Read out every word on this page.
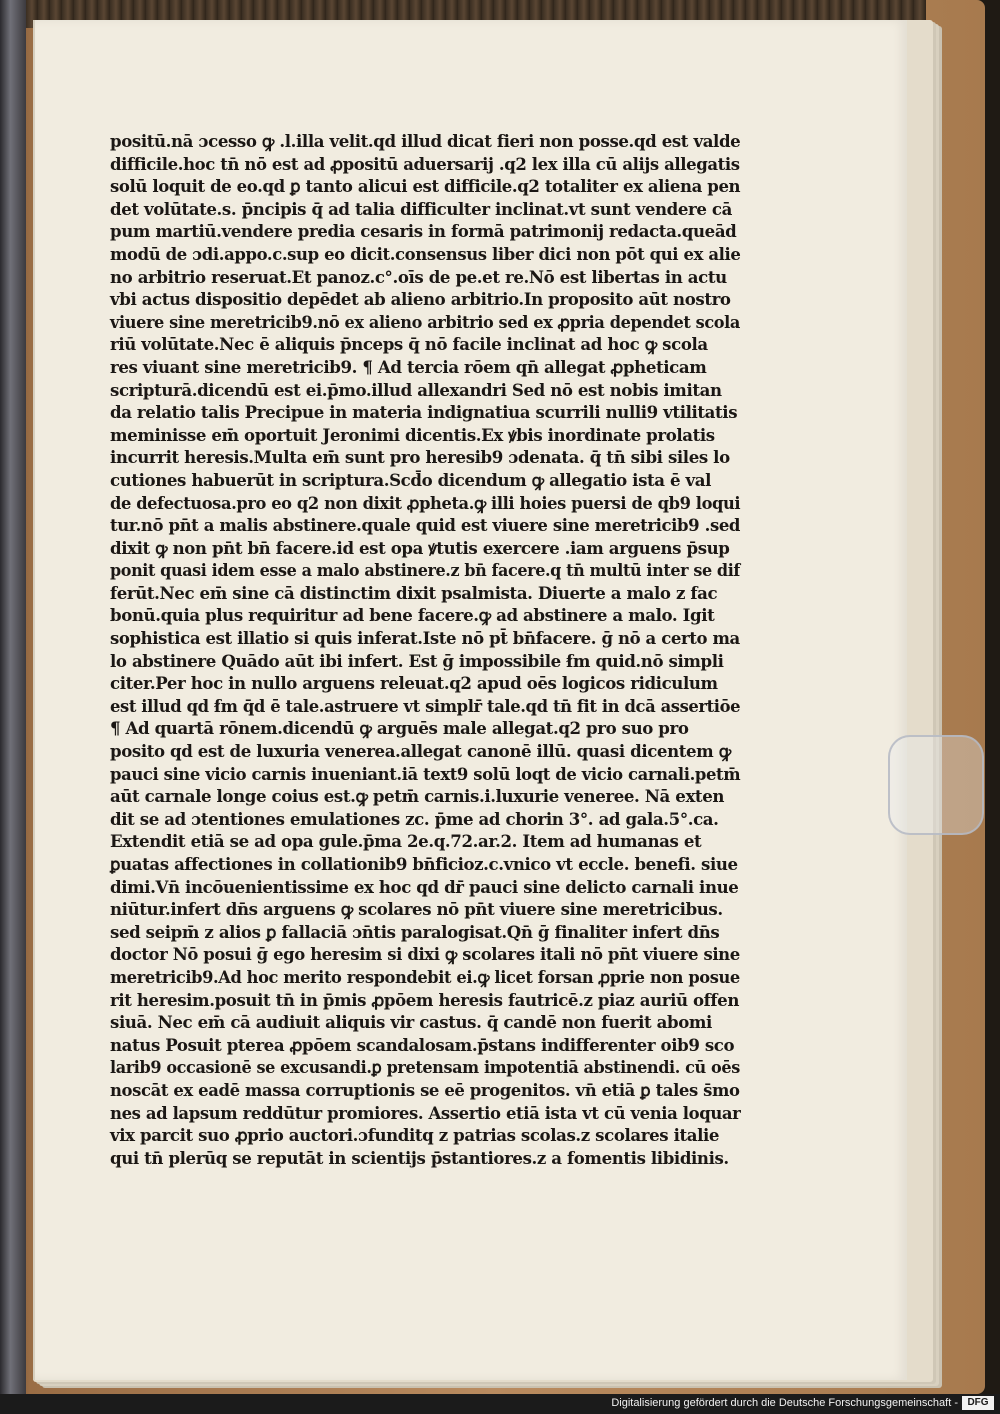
positū.nā ɔcesso ꝙ .l.illa velit.qd illud dicat fieri non posse.qd est valde
difficile.hoc tn̄ nō est ad ꝓpositū aduersarij .q2 lex illa cū alijs allegatis
solū loquit de eo.qd ꝑ tanto alicui est difficile.q2 totaliter ex aliena pen
det volūtate.s. p̄ncipis q̄ ad talia difficulter inclinat.vt sunt vendere cā
pum martiū.vendere predia cesaris in formā patrimonij redacta.queād
modū de ɔdi.appo.c.sup eo dicit.consensus liber dici non pōt qui ex alie
no arbitrio reseruat.Et panoz.c°.oīs de pe.et re.Nō est libertas in actu
vbi actus dispositio depēdet ab alieno arbitrio.In proposito aūt nostro
viuere sine meretricib9.nō ex alieno arbitrio sed ex ꝓpria dependet scola
riū volūtate.Nec ē aliquis p̄nceps q̄ nō facile inclinat ad hoc ꝙ scola
res viuant sine meretricib9. ¶ Ad tercia rōem qn̄ allegat ꝓpheticam
scripturā.dicendū est ei.p̄mo.illud allexandri Sed nō est nobis imitan
da relatio talis Precipue in materia indignatiua scurrili nulli9 vtilitatis
meminisse em̄ oportuit Jeronimi dicentis.Ex ꝟbis inordinate prolatis
incurrit heresis.Multa em̄ sunt pro heresib9 ɔdenata. q̄ tn̄ sibi siles lo
cutiones habuerūt in scriptura.Scd̄o dicendum ꝙ allegatio ista ē val
de defectuosa.pro eo q2 non dixit ꝓpheta.ꝙ illi hoies puersi de qb9 loqui
tur.nō pn̄t a malis abstinere.quale quid est viuere sine meretricib9 .sed
dixit ꝙ non pn̄t bn̄ facere.id est opa ꝟtutis exercere .iam arguens p̄sup
ponit quasi idem esse a malo abstinere.z bn̄ facere.q tn̄ multū inter se dif
ferūt.Nec em̄ sine cā distinctim dixit psalmista. Diuerte a malo z fac
bonū.quia plus requiritur ad bene facere.ꝙ ad abstinere a malo. Igit
sophistica est illatio si quis inferat.Iste nō pt̄ bn̄facere. ḡ nō a certo ma
lo abstinere Quādo aūt ibi infert. Est ḡ impossibile ẜm quid.nō simpli
citer.Per hoc in nullo arguens releuat.q2 apud oēs logicos ridiculum
est illud qd ẜm q̄d ē tale.astruere vt simplr̄ tale.qd tn̄ fit in dcā assertiōe
¶ Ad quartā rōnem.dicendū ꝙ arguēs male allegat.q2 pro suo pro
posito qd est de luxuria venerea.allegat canonē illū. quasi dicentem ꝙ
pauci sine vicio carnis inueniant.iā text9 solū loqt de vicio carnali.petm̄
aūt carnale longe coius est.ꝙ petm̄ carnis.i.luxurie veneree. Nā exten
dit se ad ɔtentiones emulationes zc. p̄me ad chorin 3°. ad gala.5°.ca.
Extendit etiā se ad opa gule.p̄ma 2e.q.72.ar.2. Item ad humanas et
ꝑuatas affectiones in collationib9 bn̄ficioz.c.vnico vt eccle. benefi. siue
dimi.Vn̄ incōuenientissime ex hoc qd dr̄ pauci sine delicto carnali inue
niūtur.infert dn̄s arguens ꝙ scolares nō pn̄t viuere sine meretricibus.
sed seipm̄ z alios ꝑ fallaciā ɔn̄tis paralogisat.Qn̄ ḡ finaliter infert dn̄s
doctor Nō posui ḡ ego heresim si dixi ꝙ scolares itali nō pn̄t viuere sine
meretricib9.Ad hoc merito respondebit ei.ꝙ licet forsan ꝓprie non posue
rit heresim.posuit tn̄ in p̄mis ꝓpōem heresis fautricē.z piaz auriū offen
siuā. Nec em̄ cā audiuit aliquis vir castus. q̄ candē non fuerit abomi
natus Posuit pterea ꝓpōem scandalosam.p̄stans indifferenter oib9 sco
larib9 occasionē se excusandi.ꝑ pretensam impotentiā abstinendi. cū oēs
noscāt ex eadē massa corruptionis se eē progenitos. vn̄ etiā ꝑ tales s̄mo
nes ad lapsum reddūtur promiores. Assertio etiā ista vt cū venia loquar
vix parcit suo ꝓprio auctori.ɔfunditq z patrias scolas.z scolares italie
qui tn̄ plerūq se reputāt in scientijs p̄stantiores.z a fomentis libidinis.
Digitalisierung gefördert durch die Deutsche Forschungsgemeinschaft - DFG
